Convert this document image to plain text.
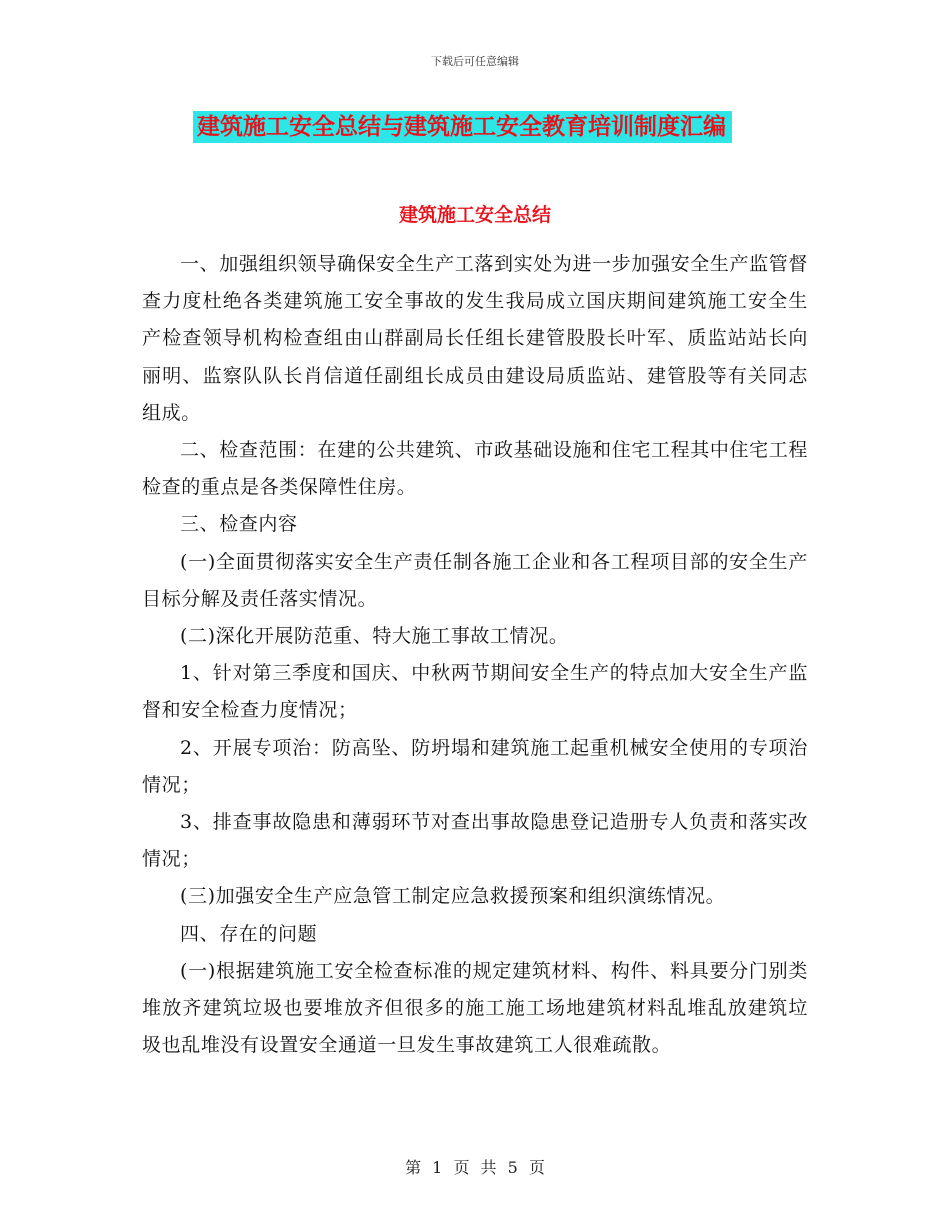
下载后可任意编辑
建筑施工安全总结与建筑施工安全教育培训制度汇编
建筑施工安全总结

一、加强组织领导确保安全生产工落到实处为进一步加强安全生产监管督查力度杜绝各类建筑施工安全事故的发生我局成立国庆期间建筑施工安全生产检查领导机构检查组由山群副局长任组长建管股股长叶军、质监站站长向丽明、监察队队长肖信道任副组长成员由建设局质监站、建管股等有关同志组成。

二、检查范围：在建的公共建筑、市政基础设施和住宅工程其中住宅工程检查的重点是各类保障性住房。

三、检查内容

(一)全面贯彻落实安全生产责任制各施工企业和各工程项目部的安全生产目标分解及责任落实情况。

(二)深化开展防范重、特大施工事故工情况。

1、针对第三季度和国庆、中秋两节期间安全生产的特点加大安全生产监督和安全检查力度情况；

2、开展专项治：防高坠、防坍塌和建筑施工起重机械安全使用的专项治情况；

3、排查事故隐患和薄弱环节对查出事故隐患登记造册专人负责和落实改情况；

(三)加强安全生产应急管工制定应急救援预案和组织演练情况。

四、存在的问题

(一)根据建筑施工安全检查标准的规定建筑材料、构件、料具要分门别类堆放齐建筑垃圾也要堆放齐但很多的施工施工场地建筑材料乱堆乱放建筑垃圾也乱堆没有设置安全通道一旦发生事故建筑工人很难疏散。

第 1 页 共 5 页
